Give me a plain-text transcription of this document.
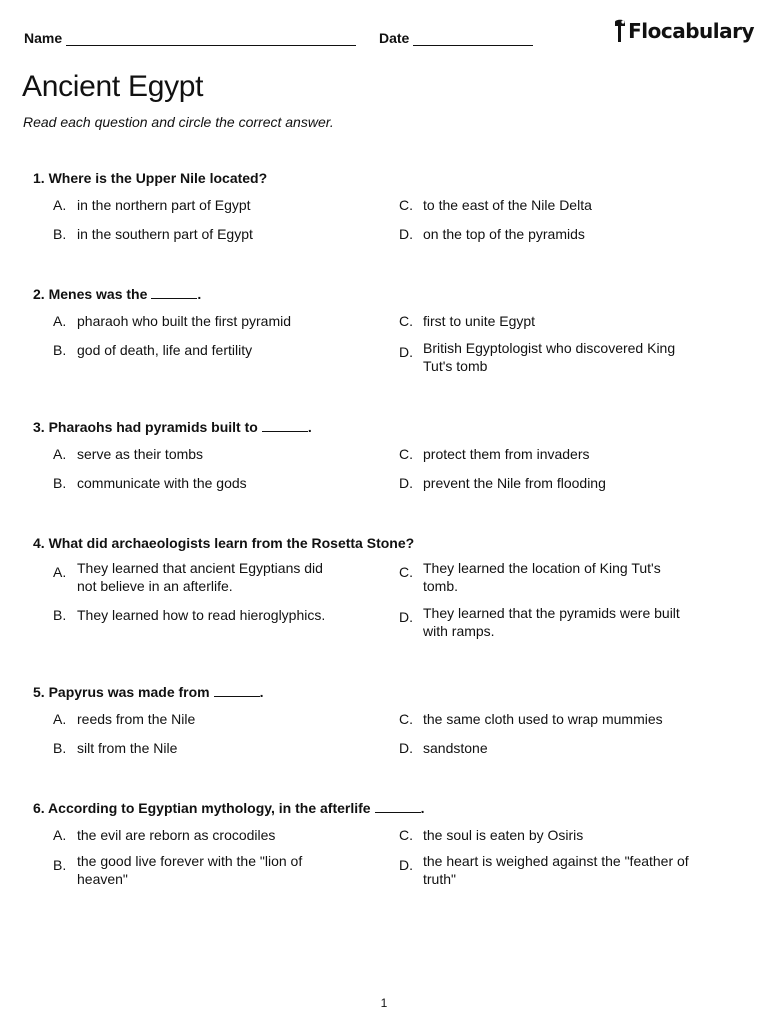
Name	Date	Flocabulary
Ancient Egypt

Read each question and circle the correct answer.

1. Where is the Upper Nile located?

A. in the northern part of Egypt
B. in the southern part of Egypt
C. to the east of the Nile Delta
D. on the top of the pyramids

2. Menes was the	.

A. pharaoh who built the first pyramid
B. god of death, life and fertility
C. first to unite Egypt
D. British Egyptologist who discovered King Tut's tomb

3. Pharaohs had pyramids built to	.

A. serve as their tombs
B. communicate with the gods
C. protect them from invaders
D. prevent the Nile from flooding

4. What did archaeologists learn from the Rosetta Stone?

A. They learned that ancient Egyptians did not believe in an afterlife.
B. They learned how to read hieroglyphics.
C. They learned the location of King Tut's tomb.
D. They learned that the pyramids were built with ramps.

5. Papyrus was made from	.

A. reeds from the Nile
B. silt from the Nile
C. the same cloth used to wrap mummies
D. sandstone

6. According to Egyptian mythology, in the afterlife	.

A. the evil are reborn as crocodiles
B. the good live forever with the "lion of heaven"
C. the soul is eaten by Osiris
D. the heart is weighed against the "feather of truth"
1
